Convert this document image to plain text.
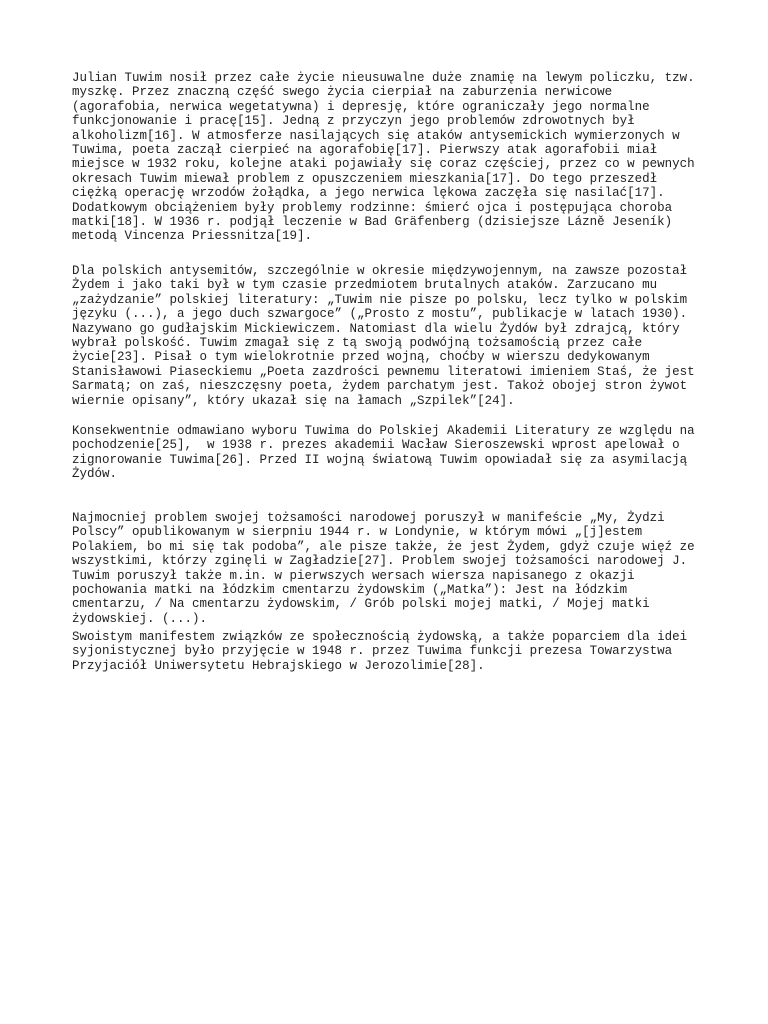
Julian Tuwim nosił przez całe życie nieusuwalne duże znamię na lewym policzku, tzw.
myszkę. Przez znaczną część swego życia cierpiał na zaburzenia nerwicowe
(agorafobia, nerwica wegetatywna) i depresję, które ograniczały jego normalne
funkcjonowanie i pracę[15]. Jedną z przyczyn jego problemów zdrowotnych był
alkoholizm[16]. W atmosferze nasilających się ataków antysemickich wymierzonych w
Tuwima, poeta zaczął cierpieć na agorafobię[17]. Pierwszy atak agorafobii miał
miejsce w 1932 roku, kolejne ataki pojawiały się coraz częściej, przez co w pewnych
okresach Tuwim miewał problem z opuszczeniem mieszkania[17]. Do tego przeszedł
ciężką operację wrzodów żołądka, a jego nerwica lękowa zaczęła się nasilać[17].
Dodatkowym obciążeniem były problemy rodzinne: śmierć ojca i postępująca choroba
matki[18]. W 1936 r. podjął leczenie w Bad Gräfenberg (dzisiejsze Lázně Jeseník)
metodą Vincenza Priessnitza[19].
Dla polskich antysemitów, szczególnie w okresie międzywojennym, na zawsze pozostał
Żydem i jako taki był w tym czasie przedmiotem brutalnych ataków. Zarzucano mu
„zażydzanie” polskiej literatury: „Tuwim nie pisze po polsku, lecz tylko w polskim
języku (...), a jego duch szwargoce” („Prosto z mostu”, publikacje w latach 1930).
Nazywano go gudłajskim Mickiewiczem. Natomiast dla wielu Żydów był zdrajcą, który
wybrał polskość. Tuwim zmagał się z tą swoją podwójną tożsamością przez całe
życie[23]. Pisał o tym wielokrotnie przed wojną, choćby w wierszu dedykowanym
Stanisławowi Piaseckiemu „Poeta zazdrości pewnemu literatowi imieniem Staś, że jest
Sarmatą; on zaś, nieszczęsny poeta, żydem parchatym jest. Takoż obojej stron żywot
wiernie opisany”, który ukazał się na łamach „Szpilek”[24].
Konsekwentnie odmawiano wyboru Tuwima do Polskiej Akademii Literatury ze względu na
pochodzenie[25],  w 1938 r. prezes akademii Wacław Sieroszewski wprost apelował o
zignorowanie Tuwima[26]. Przed II wojną światową Tuwim opowiadał się za asymilacją
Żydów.
Najmocniej problem swojej tożsamości narodowej poruszył w manifeście „My, Żydzi
Polscy” opublikowanym w sierpniu 1944 r. w Londynie, w którym mówi „[j]estem
Polakiem, bo mi się tak podoba”, ale pisze także, że jest Żydem, gdyż czuje więź ze
wszystkimi, którzy zginęli w Zagładzie[27]. Problem swojej tożsamości narodowej J.
Tuwim poruszył także m.in. w pierwszych wersach wiersza napisanego z okazji
pochowania matki na łódzkim cmentarzu żydowskim („Matka”): Jest na łódzkim
cmentarzu, / Na cmentarzu żydowskim, / Grób polski mojej matki, / Mojej matki
żydowskiej. (...).
Swoistym manifestem związków ze społecznością żydowską, a także poparciem dla idei
syjonistycznej było przyjęcie w 1948 r. przez Tuwima funkcji prezesa Towarzystwa
Przyjaciół Uniwersytetu Hebrajskiego w Jerozolimie[28].
